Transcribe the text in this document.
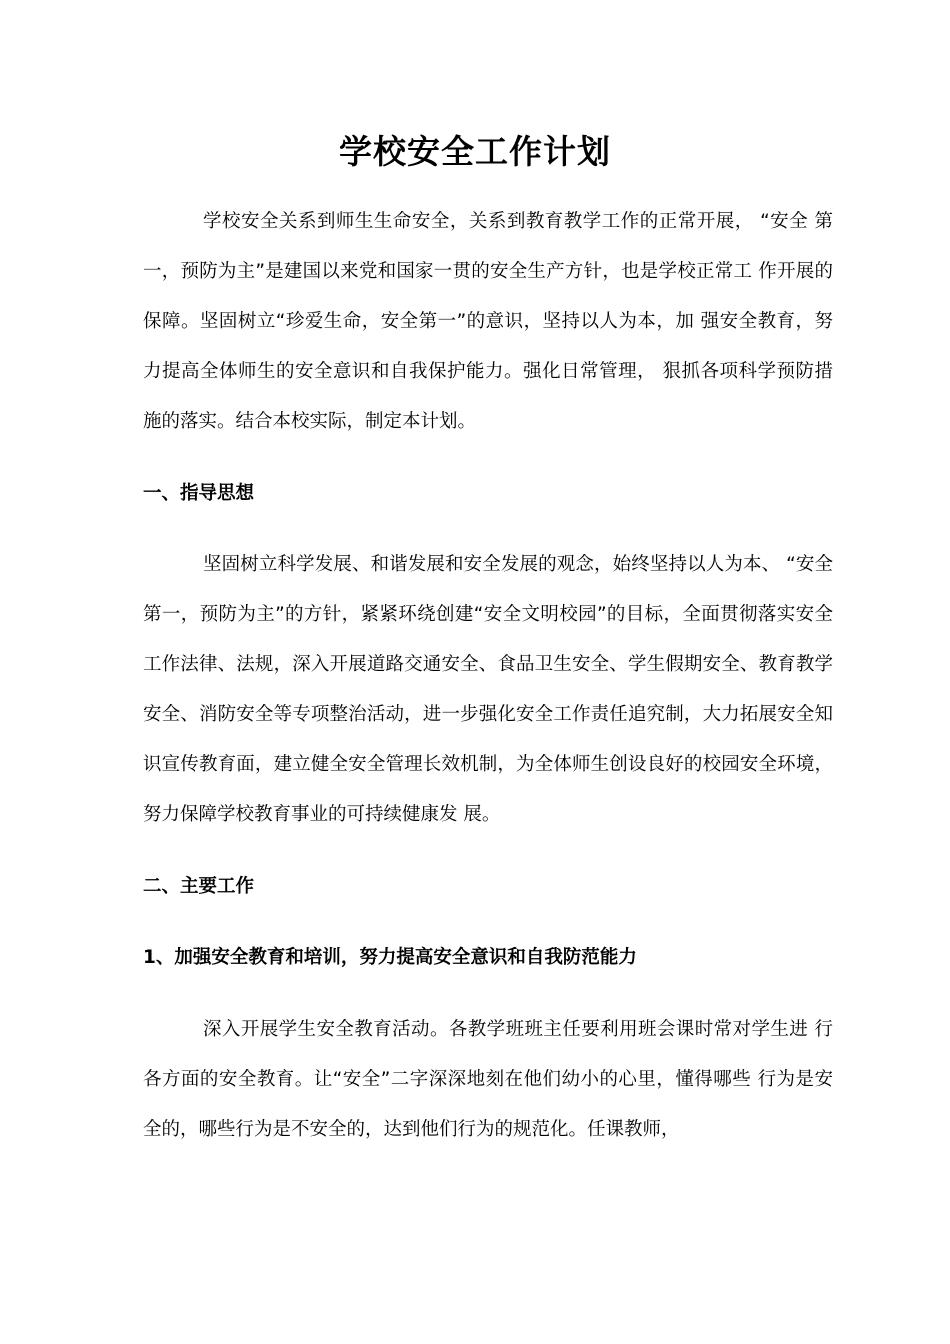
学校安全工作计划

学校安全关系到师生生命安全，关系到教育教学工作的正常开展， “安全 第一，预防为主”是建国以来党和国家一贯的安全生产方针，也是学校正常工 作开展的保障。坚固树立“珍爱生命，安全第一”的意识，坚持以人为本，加 强安全教育，努力提高全体师生的安全意识和自我保护能力。强化日常管理， 狠抓各项科学预防措施的落实。结合本校实际，制定本计划。

一、指导思想

坚固树立科学发展、和谐发展和安全发展的观念，始终坚持以人为本、 “安全第一，预防为主”的方针，紧紧环绕创建“安全文明校园”的目标，全面贯彻落实安全工作法律、法规，深入开展道路交通安全、食品卫生安全、学生假期安全、教育教学安全、消防安全等专项整治活动，进一步强化安全工作责任追究制，大力拓展安全知识宣传教育面，建立健全安全管理长效机制，为全体师生创设良好的校园安全环境，努力保障学校教育事业的可持续健康发 展。

二、主要工作
1、加强安全教育和培训，努力提高安全意识和自我防范能力

深入开展学生安全教育活动。各教学班班主任要利用班会课时常对学生进 行各方面的安全教育。让“安全”二字深深地刻在他们幼小的心里，懂得哪些 行为是安全的，哪些行为是不安全的，达到他们行为的规范化。任课教师，
